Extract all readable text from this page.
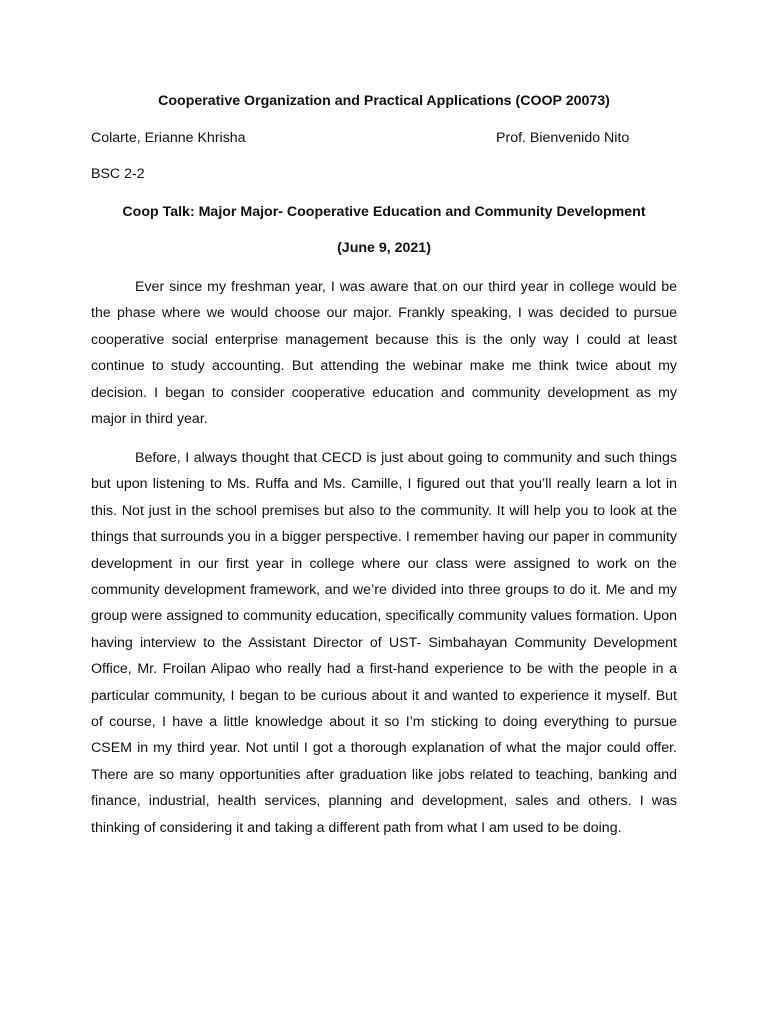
Cooperative Organization and Practical Applications (COOP 20073)
Colarte, Erianne Khrisha	Prof. Bienvenido Nito
BSC 2-2
Coop Talk: Major Major- Cooperative Education and Community Development
(June 9, 2021)

Ever since my freshman year, I was aware that on our third year in college would be the phase where we would choose our major. Frankly speaking, I was decided to pursue cooperative social enterprise management because this is the only way I could at least continue to study accounting. But attending the webinar make me think twice about my decision. I began to consider cooperative education and community development as my major in third year.

Before, I always thought that CECD is just about going to community and such things but upon listening to Ms. Ruffa and Ms. Camille, I figured out that you’ll really learn a lot in this. Not just in the school premises but also to the community. It will help you to look at the things that surrounds you in a bigger perspective. I remember having our paper in community development in our first year in college where our class were assigned to work on the community development framework, and we’re divided into three groups to do it. Me and my group were assigned to community education, specifically community values formation. Upon having interview to the Assistant Director of UST- Simbahayan Community Development Office, Mr. Froilan Alipao who really had a first-hand experience to be with the people in a particular community, I began to be curious about it and wanted to experience it myself. But of course, I have a little knowledge about it so I’m sticking to doing everything to pursue CSEM in my third year. Not until I got a thorough explanation of what the major could offer. There are so many opportunities after graduation like jobs related to teaching, banking and finance, industrial, health services, planning and development, sales and others. I was thinking of considering it and taking a different path from what I am used to be doing.
